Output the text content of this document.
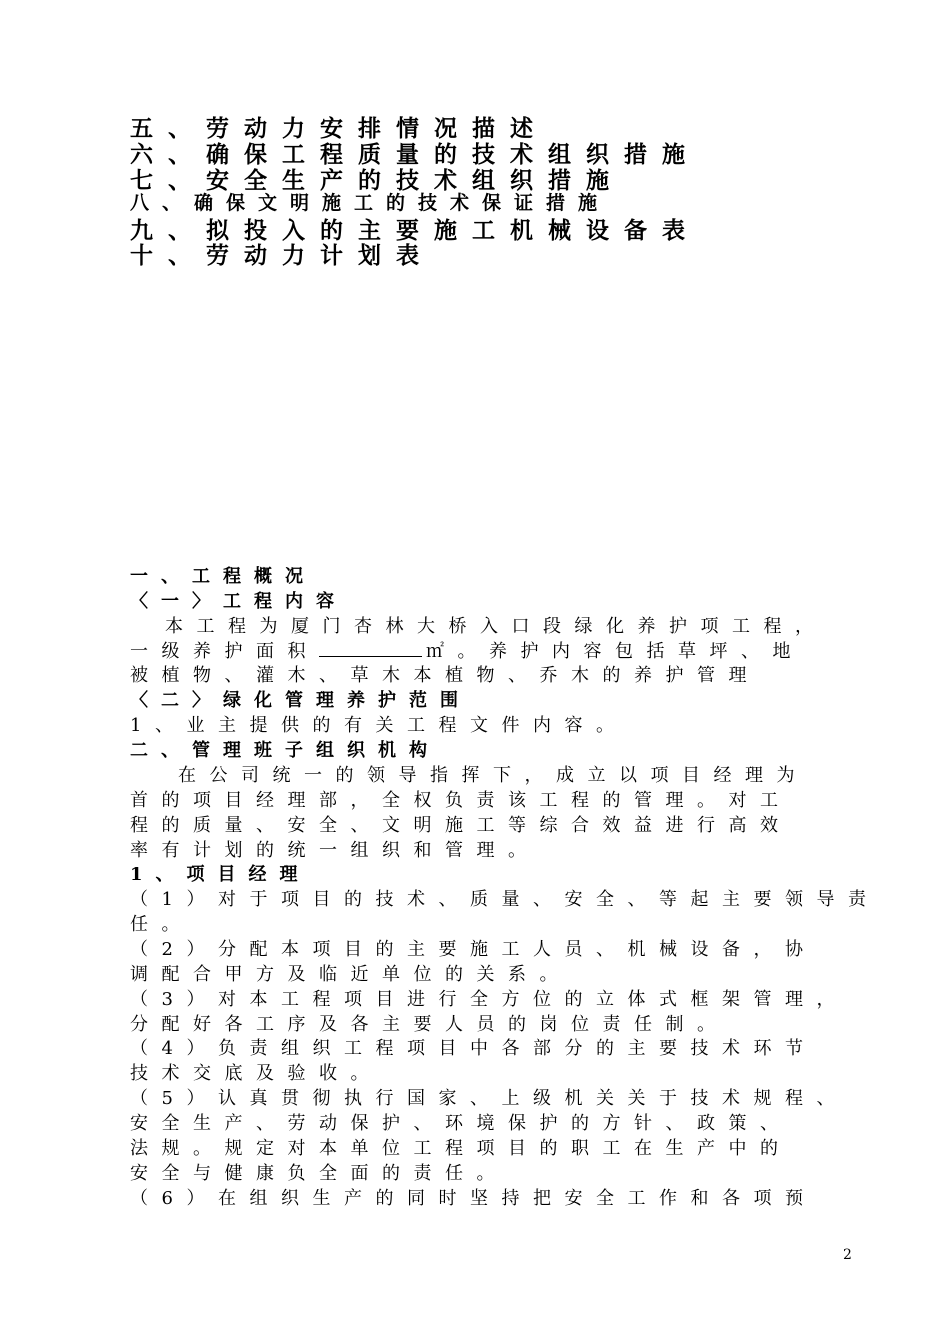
五、劳动力安排情况描述
六、确保工程质量的技术组织措施
七、安全生产的技术组织措施
八、确保文明施工的技术保证措施
九、拟投入的主要施工机械设备表
十、劳动力计划表
一、工程概况
〈一〉工程内容
本工程为厦门杏林大桥入口段绿化养护项工程，
一级养护面积	㎡。养护内容包括草坪、地
被植物、灌木、草木本植物、乔木的养护管理
〈二〉绿化管理养护范围
1、业主提供的有关工程文件内容。
二、管理班子组织机构
在公司统一的领导指挥下，成立以项目经理为
首的项目经理部，全权负责该工程的管理。对工
程的质量、安全、文明施工等综合效益进行高效
率有计划的统一组织和管理。
1、项目经理
（1）对于项目的技术、质量、安全、等起主要领导责
任。
（2）分配本项目的主要施工人员、机械设备，协
调配合甲方及临近单位的关系。
（3）对本工程项目进行全方位的立体式框架管理，
分配好各工序及各主要人员的岗位责任制。
（4）负责组织工程项目中各部分的主要技术环节
技术交底及验收。
（5）认真贯彻执行国家、上级机关关于技术规程、
安全生产、劳动保护、环境保护的方针、政策、
法规。规定对本单位工程项目的职工在生产中的
安全与健康负全面的责任。
（6）在组织生产的同时坚持把安全工作和各项预
2
